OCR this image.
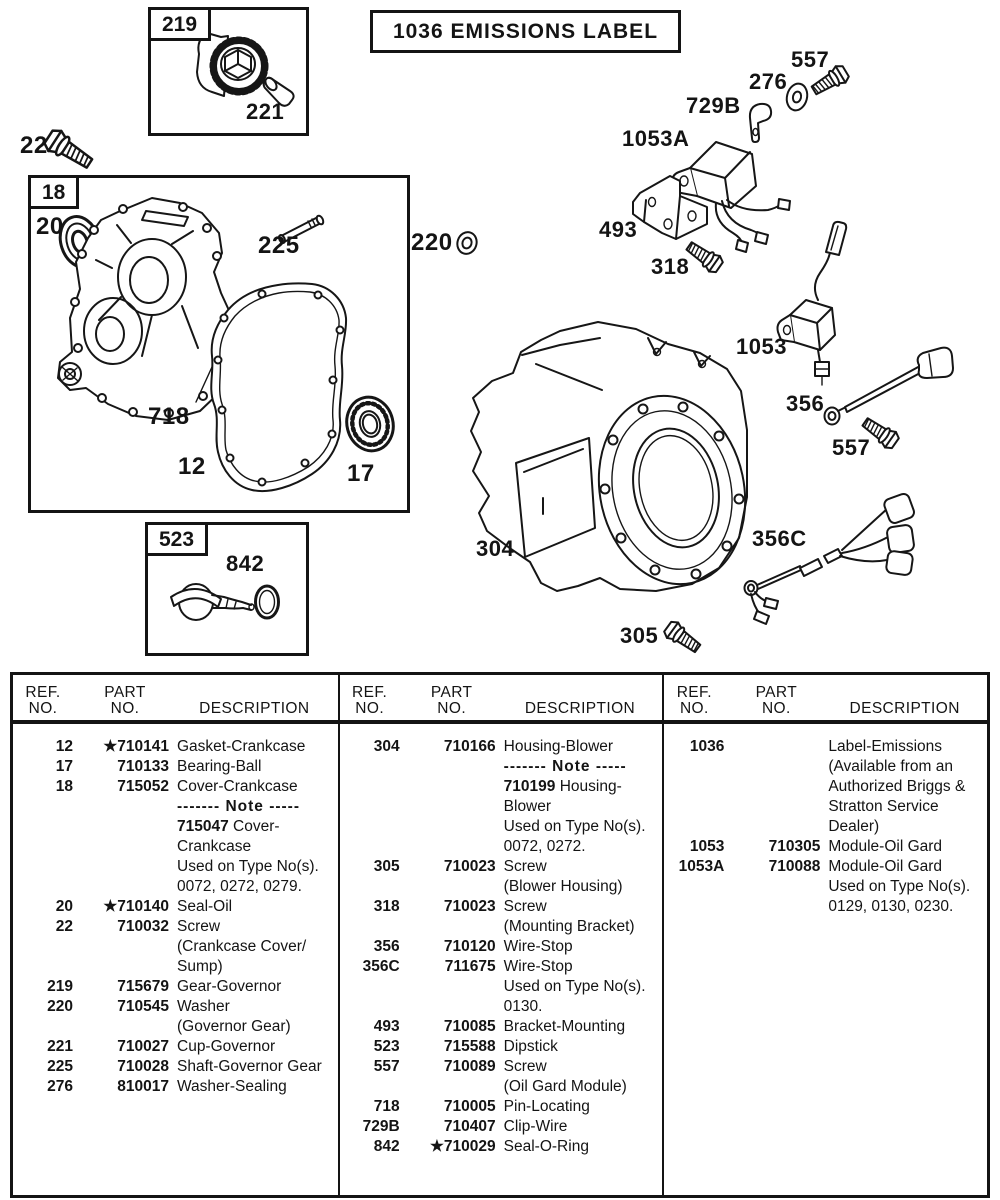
1036 EMISSIONS LABEL
219
18
523
22
221
20
225	220
718
12	17
557
276
729B
1053A
493
318
1053
356
557
304
305
356C
842
REF.
NO.
PART
NO.	DESCRIPTION
12	★710141 Gasket-Crankcase
17	710133 Bearing-Ball
18	715052 Cover-Crankcase
------- Note -----
715047 Cover-
Crankcase
Used on Type No(s).
0072, 0272, 0279.
20	★710140 Seal-Oil
22	710032 Screw
(Crankcase Cover/
Sump)
219	715679 Gear-Governor
220	710545 Washer
(Governor Gear)
221	710027 Cup-Governor
225	710028 Shaft-Governor Gear
276	810017 Washer-Sealing
REF.
NO.
PART
NO.	DESCRIPTION
304	710166 Housing-Blower
------- Note -----
710199 Housing-
Blower
Used on Type No(s).
0072, 0272.
305	710023 Screw
(Blower Housing)
318	710023 Screw
(Mounting Bracket)
356	710120 Wire-Stop
356C	711675 Wire-Stop
Used on Type No(s).
0130.
493	710085 Bracket-Mounting
523	715588 Dipstick
557	710089 Screw
(Oil Gard Module)
718	710005 Pin-Locating
729B	710407 Clip-Wire
842	★710029 Seal-O-Ring
REF.
NO.
PART
NO.	DESCRIPTION
1036	Label-Emissions
(Available from an
Authorized Briggs &
Stratton Service
Dealer)
1053	710305 Module-Oil Gard
1053A	710088 Module-Oil Gard
Used on Type No(s).
0129, 0130, 0230.
